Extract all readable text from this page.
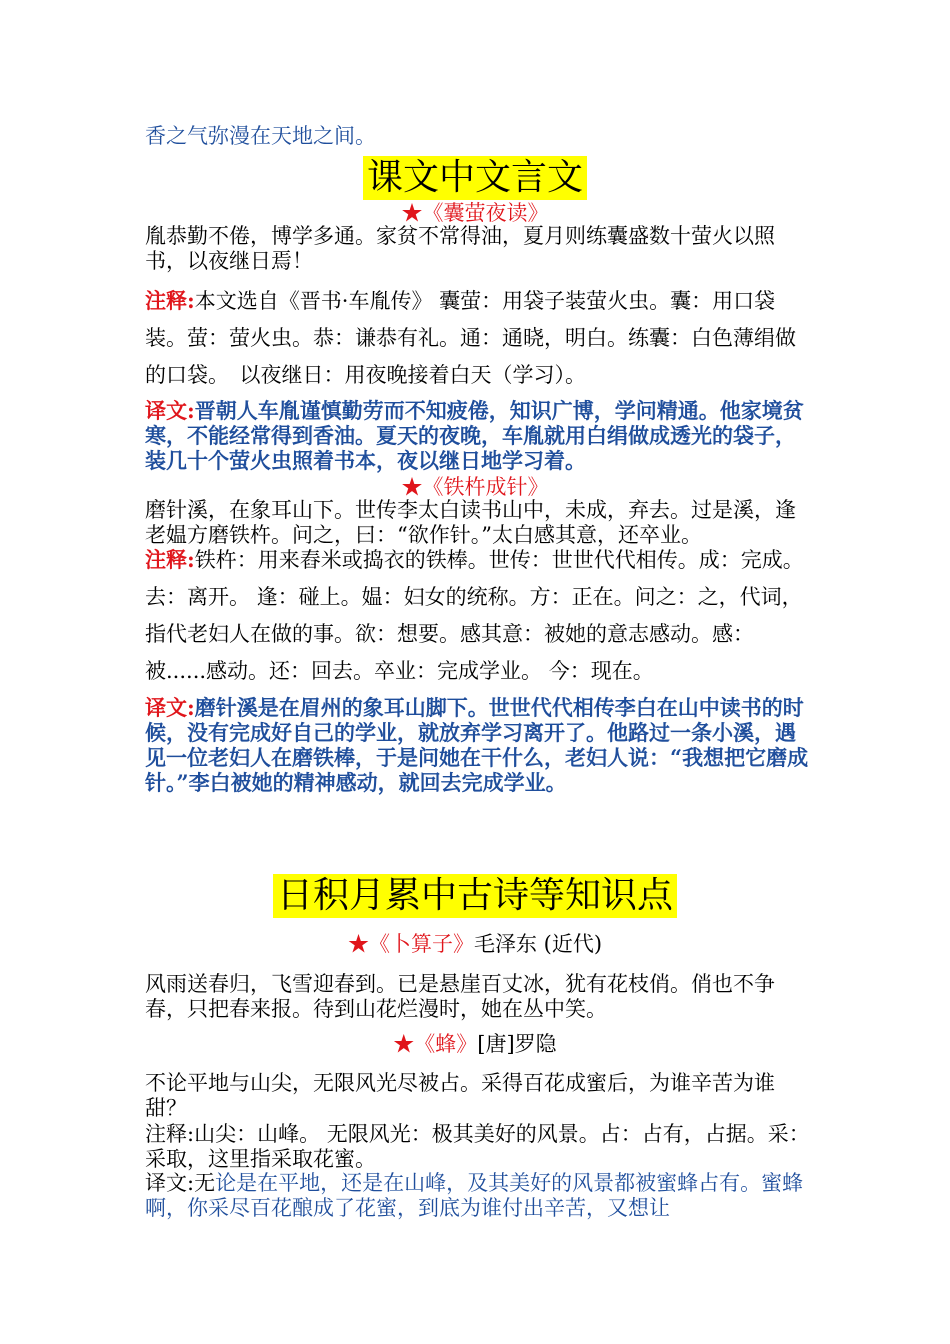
香之气弥漫在天地之间。
课文中文言文
★《囊萤夜读》
胤恭勤不倦，博学多通。家贫不常得油，夏月则练囊盛数十萤火以照书，以夜继日焉！
注释:本文选自《晋书·车胤传》 囊萤：用袋子装萤火虫。囊：用口袋装。萤：萤火虫。恭：谦恭有礼。通：通晓，明白。练囊：白色薄绢做的口袋。　以夜继日：用夜晚接着白天（学习）。
译文:晋朝人车胤谨慎勤劳而不知疲倦，知识广博，学问精通。他家境贫寒，不能经常得到香油。夏天的夜晚，车胤就用白绢做成透光的袋子，装几十个萤火虫照着书本，夜以继日地学习着。
★《铁杵成针》
磨针溪，在象耳山下。世传李太白读书山中，未成，弃去。过是溪，逢老媪方磨铁杵。问之，曰：“欲作针。”太白感其意，还卒业。
注释:铁杵：用来舂米或捣衣的铁棒。世传：世世代代相传。成：完成。 去：离开。 逢：碰上。媪：妇女的统称。方：正在。问之：之，代词，指代老妇人在做的事。欲：想要。感其意：被她的意志感动。感：被......感动。还：回去。卒业：完成学业。 今：现在。
译文:磨针溪是在眉州的象耳山脚下。世世代代相传李白在山中读书的时候，没有完成好自己的学业，就放弃学习离开了。他路过一条小溪，遇见一位老妇人在磨铁棒，于是问她在干什么，老妇人说：“我想把它磨成针。”李白被她的精神感动，就回去完成学业。
日积月累中古诗等知识点
★《卜算子》毛泽东 (近代)
风雨送春归，飞雪迎春到。已是悬崖百丈冰，犹有花枝俏。俏也不争春，只把春来报。待到山花烂漫时，她在丛中笑。
★《蜂》[唐]罗隐
不论平地与山尖，无限风光尽被占。采得百花成蜜后，为谁辛苦为谁甜？
注释:山尖：山峰。 无限风光：极其美好的风景。占：占有，占据。采：采取，这里指采取花蜜。
译文:无论是在平地，还是在山峰，及其美好的风景都被蜜蜂占有。蜜蜂啊，你采尽百花酿成了花蜜，到底为谁付出辛苦，又想让
